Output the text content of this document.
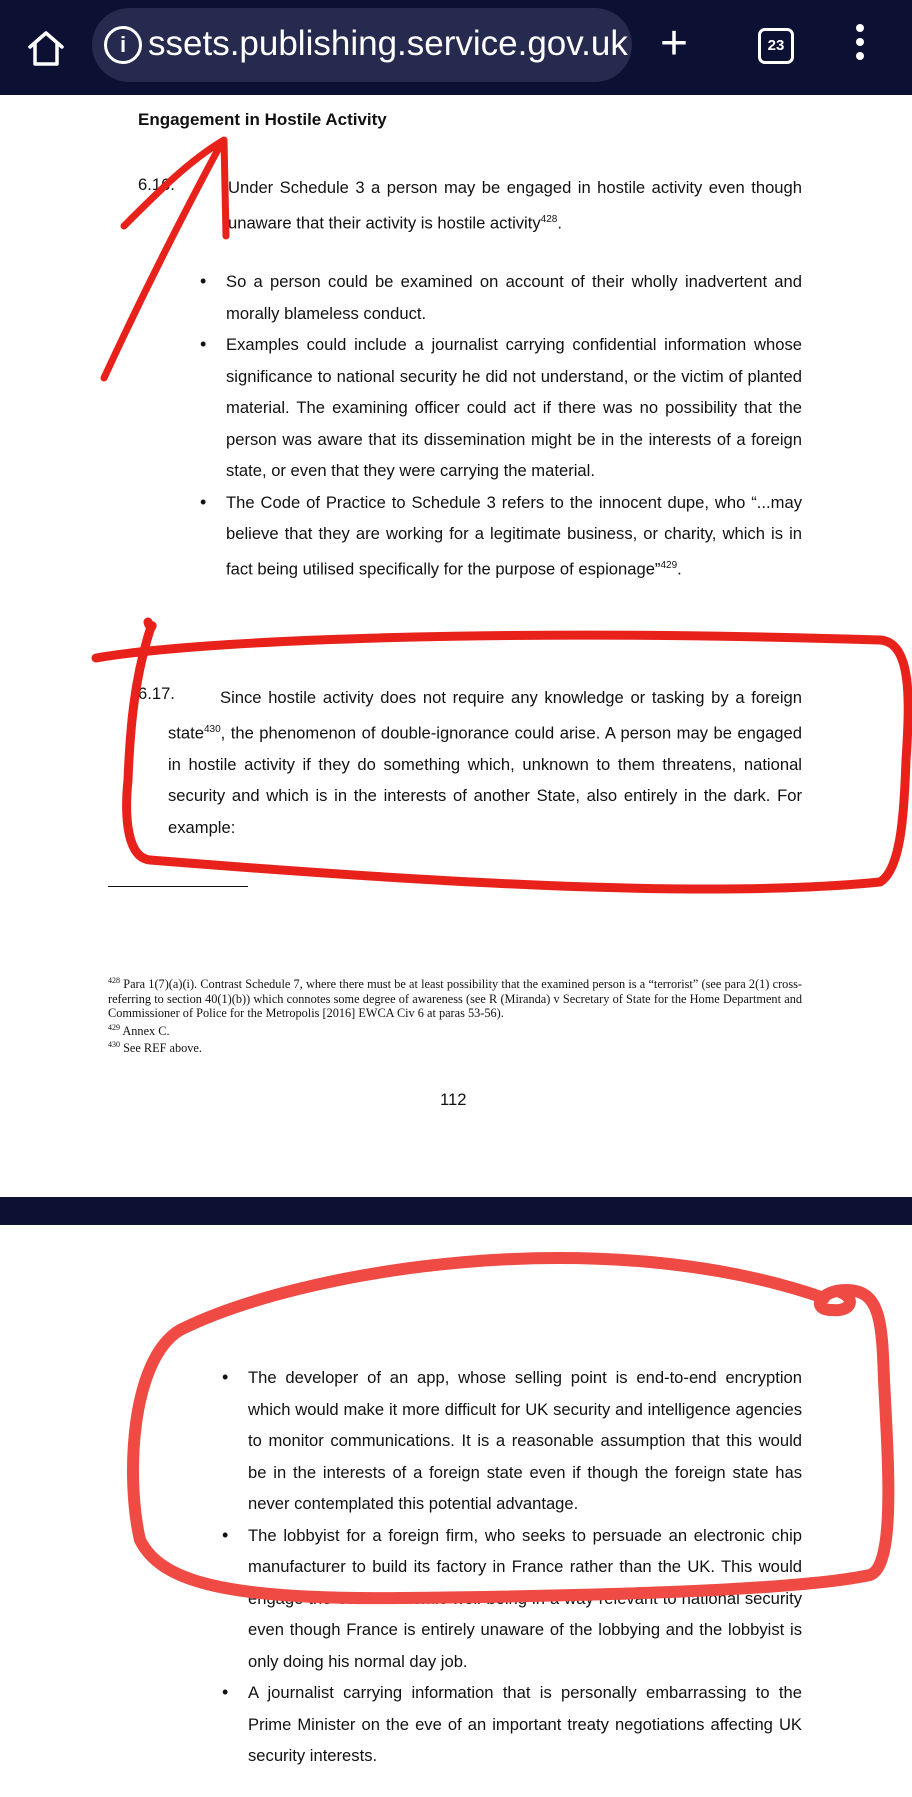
i ssets.publishing.service.gov.uk +	23
Engagement in Hostile Activity
6.16.	Under Schedule 3 a person may be engaged in hostile activity even though unaware that their activity is hostile activity$^{428}$.
• So a person could be examined on account of their wholly inadvertent and morally blameless conduct.
• Examples could include a journalist carrying confidential information whose significance to national security he did not understand, or the victim of planted material. The examining officer could act if there was no possibility that the person was aware that its dissemination might be in the interests of a foreign state, or even that they were carrying the material.
• The Code of Practice to Schedule 3 refers to the innocent dupe, who “...may believe that they are working for a legitimate business, or charity, which is in fact being utilised specifically for the purpose of espionage”$^{429}$.
6.17.	Since hostile activity does not require any knowledge or tasking by a foreign state$^{430}$, the phenomenon of double-ignorance could arise. A person may be engaged in hostile activity if they do something which, unknown to them threatens, national security and which is in the interests of another State, also entirely in the dark. For example:

$^{428}$ Para 1(7)(a)(i). Contrast Schedule 7, where there must be at least possibility that the examined person is a “terrorist” (see para 2(1) cross-referring to section 40(1)(b)) which connotes some degree of awareness (see R (Miranda) v Secretary of State for the Home Department and Commissioner of Police for the Metropolis [2016] EWCA Civ 6 at paras 53-56).

$^{429}$ Annex C.

$^{430}$ See REF above.

112
• The developer of an app, whose selling point is end-to-end encryption which would make it more difficult for UK security and intelligence agencies to monitor communications. It is a reasonable assumption that this would be in the interests of a foreign state even if though the foreign state has never contemplated this potential advantage.
• The lobbyist for a foreign firm, who seeks to persuade an electronic chip manufacturer to build its factory in France rather than the UK. This would engage the UK’s economic well-being in a way relevant to national security even though France is entirely unaware of the lobbying and the lobbyist is only doing his normal day job.
• A journalist carrying information that is personally embarrassing to the Prime Minister on the eve of an important treaty negotiations affecting UK security interests.
